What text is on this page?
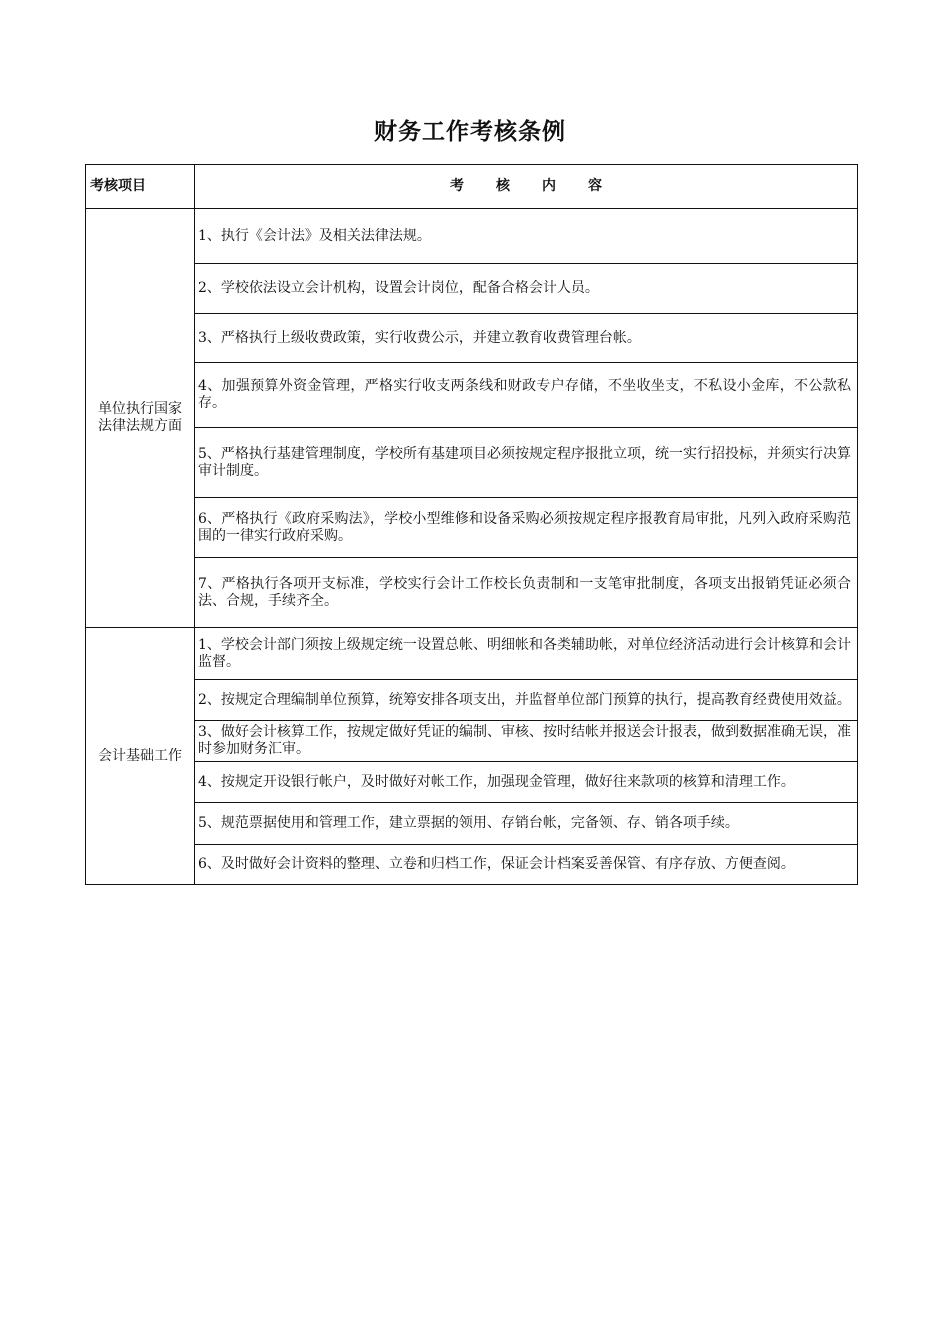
财务工作考核条例
考核项目	考核内容

单位执行国家
法律法规方面	1、执行《会计法》及相关法律法规。

	2、学校依法设立会计机构，设置会计岗位，配备合格会计人员。

	3、严格执行上级收费政策，实行收费公示，并建立教育收费管理台帐。

	4、加强预算外资金管理，严格实行收支两条线和财政专户存储，不坐收坐支，不私设小金库，不公款私存。

	5、严格执行基建管理制度，学校所有基建项目必须按规定程序报批立项，统一实行招投标，并须实行决算审计制度。

	6、严格执行《政府采购法》，学校小型维修和设备采购必须按规定程序报教育局审批，凡列入政府采购范围的一律实行政府采购。

	7、严格执行各项开支标准，学校实行会计工作校长负责制和一支笔审批制度，各项支出报销凭证必须合法、合规，手续齐全。

会计基础工作	1、学校会计部门须按上级规定统一设置总帐、明细帐和各类辅助帐，对单位经济活动进行会计核算和会计监督。

	2、按规定合理编制单位预算，统筹安排各项支出，并监督单位部门预算的执行，提高教育经费使用效益。

	3、做好会计核算工作，按规定做好凭证的编制、审核、按时结帐并报送会计报表，做到数据准确无误，准时参加财务汇审。

	4、按规定开设银行帐户，及时做好对帐工作，加强现金管理，做好往来款项的核算和清理工作。

	5、规范票据使用和管理工作，建立票据的领用、存销台帐，完备领、存、销各项手续。

	6、及时做好会计资料的整理、立卷和归档工作，保证会计档案妥善保管、有序存放、方便查阅。
